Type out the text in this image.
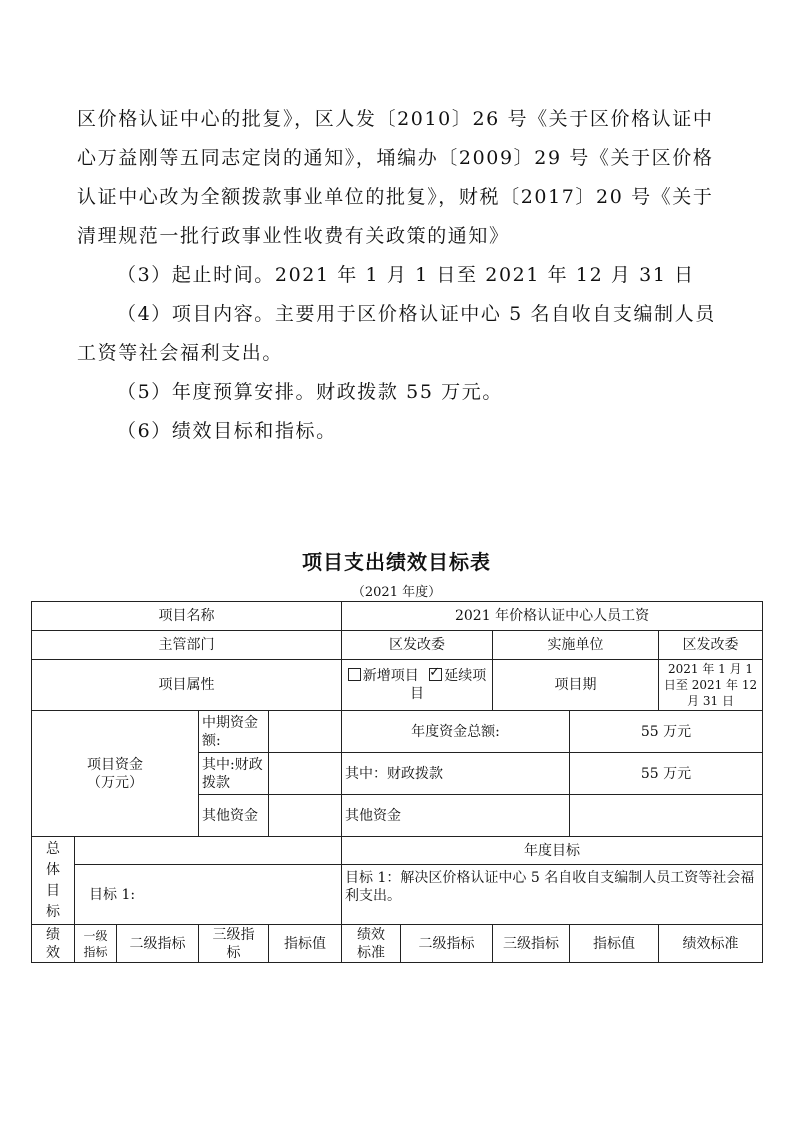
区价格认证中心的批复》，区人发〔2010〕26 号《关于区价格认证中
心万益刚等五同志定岗的通知》，埇编办〔2009〕29 号《关于区价格
认证中心改为全额拨款事业单位的批复》，财税〔2017〕20 号《关于
清理规范一批行政事业性收费有关政策的通知》
（3）起止时间。2021 年 1 月 1 日至 2021 年 12 月 31 日
（4）项目内容。主要用于区价格认证中心 5 名自收自支编制人员
工资等社会福利支出。
（5）年度预算安排。财政拨款 55 万元。
（6）绩效目标和指标。
项目支出绩效目标表
（2021 年度）
项目名称					2021 年价格认证中心人员工资				
主管部门					区发改委		实施单位		区发改委
项目属性					新增项目 ✓ 延续项目		项目期		2021 年 1 月 1 日至 2021 年 12 月 31 日

项目资金
（万元）			中期资金额:		年度资金总额:			55 万元	
			其中:财政拨款		其中：财政拨款			55 万元	
			其他资金		其他资金				
总体目标					年度目标				
	目标 1:				目标 1：解决区价格认证中心 5 名自收自支编制人员工资等社会福利支出。				
绩效	一级指标	二级指标	三级指标	指标值	绩效标准	二级指标	三级指标	指标值	绩效标准
